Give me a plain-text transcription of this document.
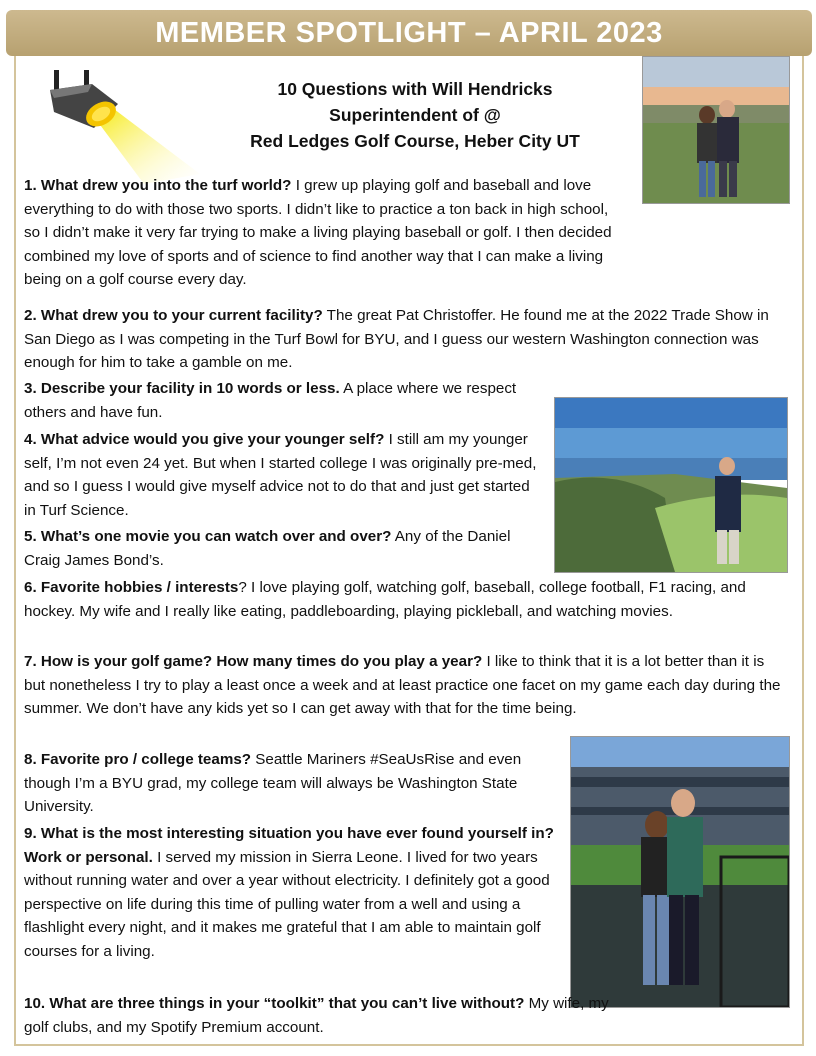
MEMBER SPOTLIGHT – APRIL 2023
10 Questions with Will Hendricks
Superintendent of @
Red Ledges Golf Course, Heber City UT

1. What drew you into the turf world? I grew up playing golf and baseball and love everything to do with those two sports. I didn’t like to practice a ton back in high school, so I didn’t make it very far trying to make a living playing baseball or golf. I then decided combined my love of sports and of science to find another way that I can make a living being on a golf course every day.

2. What drew you to your current facility? The great Pat Christoffer. He found me at the 2022 Trade Show in San Diego as I was competing in the Turf Bowl for BYU, and I guess our western Washington connection was enough for him to take a gamble on me.

3. Describe your facility in 10 words or less. A place where we respect others and have fun.

4. What advice would you give your younger self? I still am my younger self, I’m not even 24 yet. But when I started college I was originally pre-med, and so I guess I would give myself advice not to do that and just get started in Turf Science.

5. What’s one movie you can watch over and over? Any of the Daniel Craig James Bond’s.

6. Favorite hobbies / interests? I love playing golf, watching golf, baseball, college football, F1 racing, and hockey. My wife and I really like eating, paddleboarding, playing pickleball, and watching movies.

7. How is your golf game? How many times do you play a year? I like to think that it is a lot better than it is but nonetheless I try to play a least once a week and at least practice one facet on my game each day during the summer. We don’t have any kids yet so I can get away with that for the time being.

8. Favorite pro / college teams? Seattle Mariners #SeaUsRise and even though I’m a BYU grad, my college team will always be Washington State University.

9. What is the most interesting situation you have ever found yourself in? Work or personal. I served my mission in Sierra Leone. I lived for two years without running water and over a year without electricity. I definitely got a good perspective on life during this time of pulling water from a well and using a flashlight every night, and it makes me grateful that I am able to maintain golf courses for a living.

10. What are three things in your “toolkit” that you can’t live without? My wife, my golf clubs, and my Spotify Premium account.
